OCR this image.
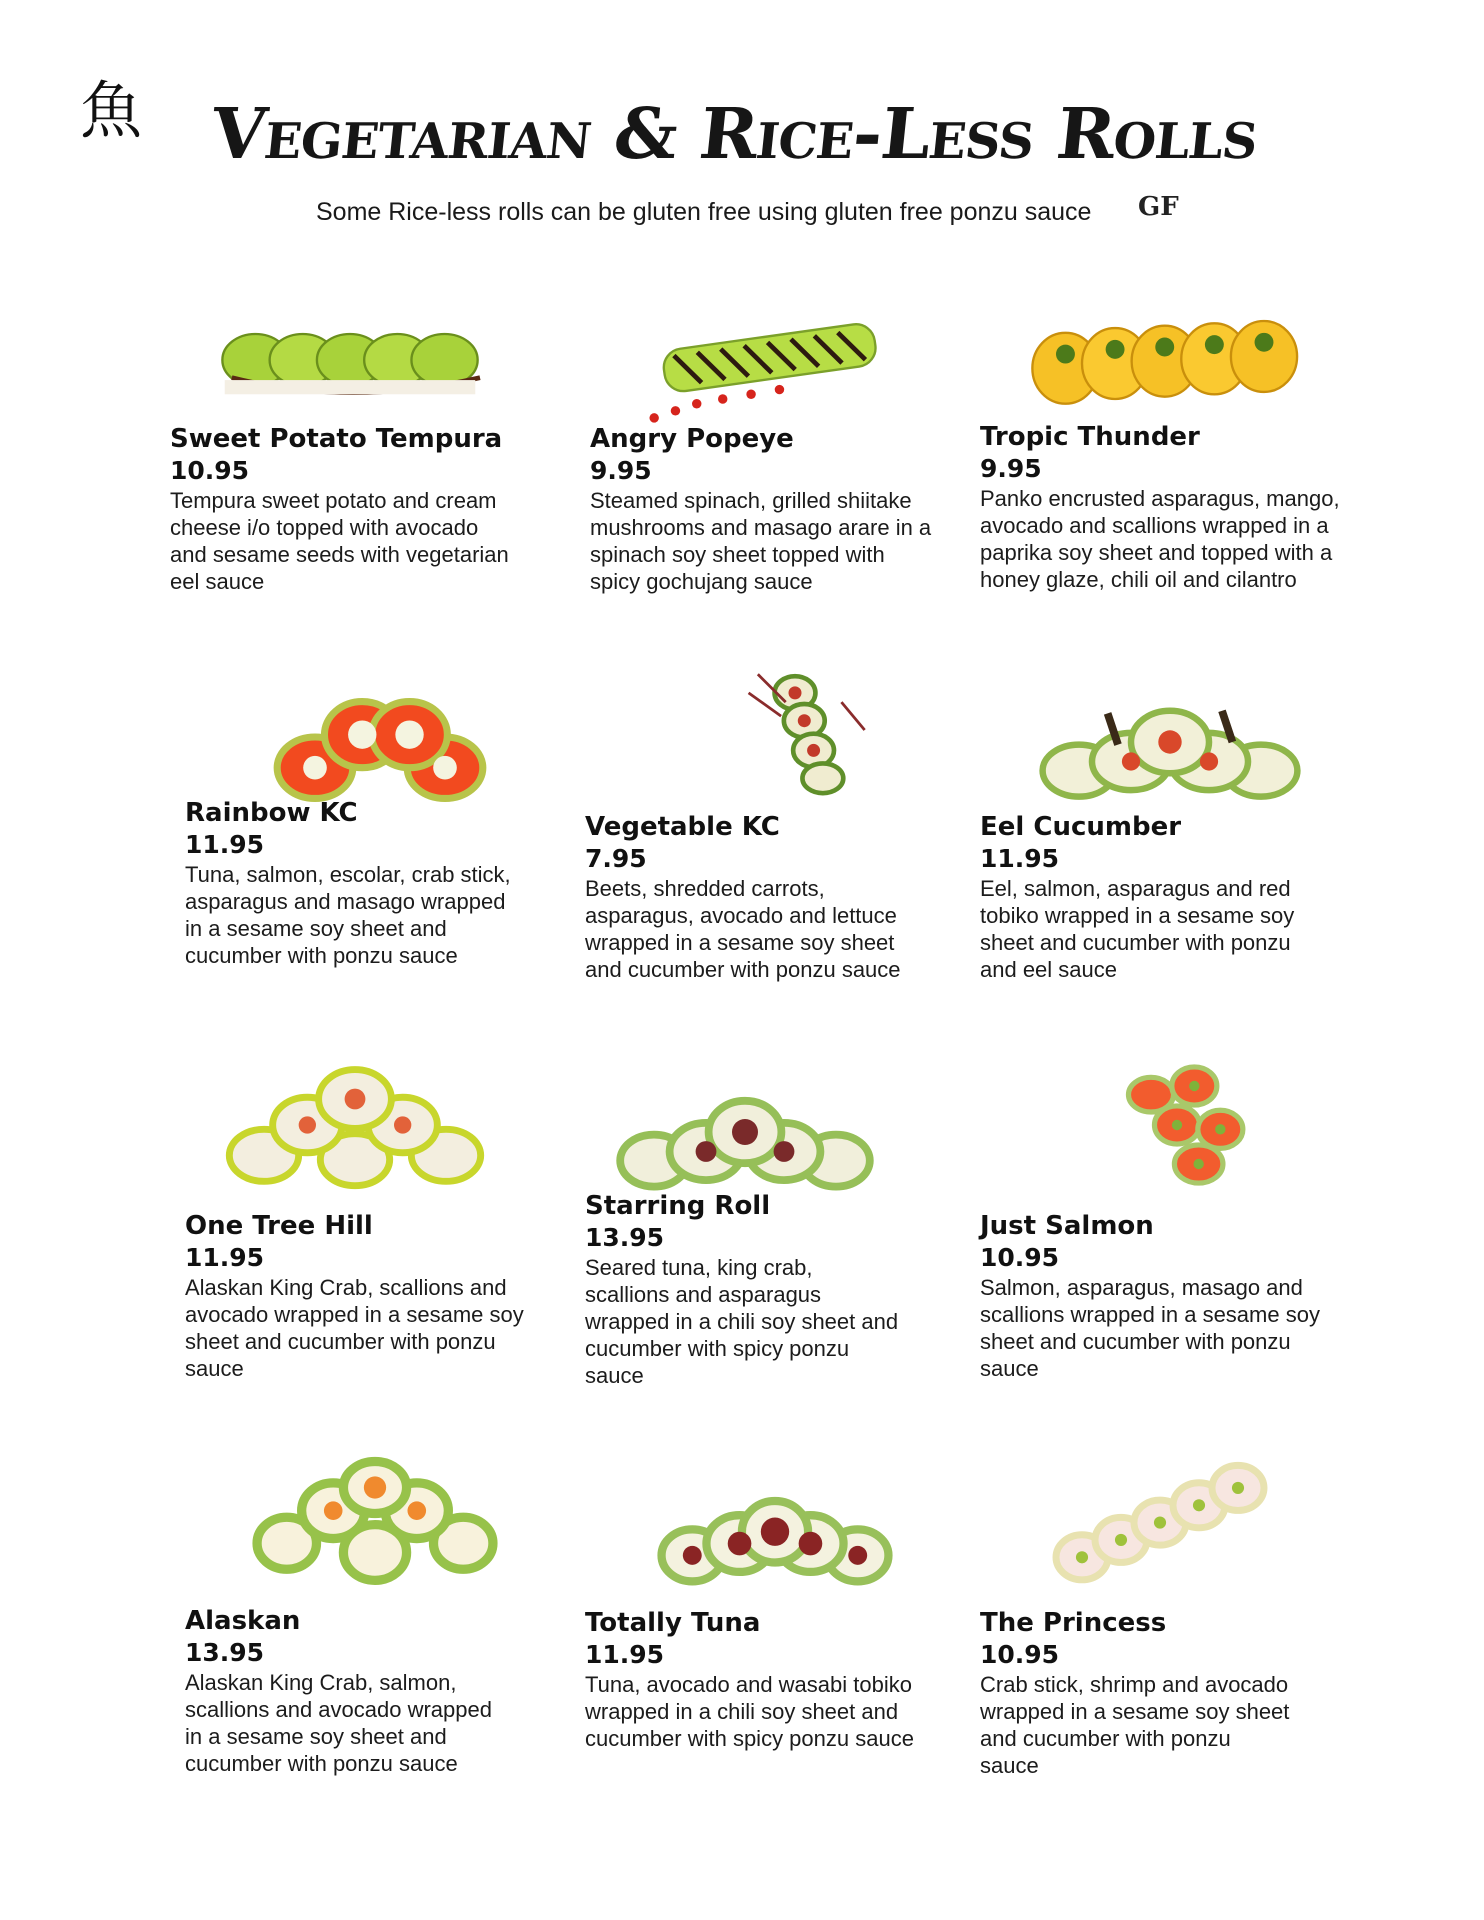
魚 Vegetarian & Rice-Less Rolls
Some Rice-less rolls can be gluten free using gluten free ponzu sauce GF
Sweet Potato Tempura
10.95
Tempura sweet potato and cream cheese i/o topped with avocado and sesame seeds with vegetarian eel sauce
Angry Popeye
9.95
Steamed spinach, grilled shiitake mushrooms and masago arare in a spinach soy sheet topped with spicy gochujang sauce
Tropic Thunder
9.95
Panko encrusted asparagus, mango, avocado and scallions wrapped in a paprika soy sheet and topped with a honey glaze, chili oil and cilantro
Rainbow KC
11.95
Tuna, salmon, escolar, crab stick, asparagus and masago wrapped in a sesame soy sheet and cucumber with ponzu sauce
Vegetable KC
7.95
Beets, shredded carrots, asparagus, avocado and lettuce wrapped in a sesame soy sheet and cucumber with ponzu sauce
Eel Cucumber
11.95
Eel, salmon, asparagus and red tobiko wrapped in a sesame soy sheet and cucumber with ponzu and eel sauce
One Tree Hill
11.95
Alaskan King Crab, scallions and avocado wrapped in a sesame soy sheet and cucumber with ponzu sauce
Starring Roll
13.95
Seared tuna, king crab, scallions and asparagus wrapped in a chili soy sheet and cucumber with spicy ponzu sauce
Just Salmon
10.95
Salmon, asparagus, masago and scallions wrapped in a sesame soy sheet and cucumber with ponzu sauce
Alaskan
13.95
Alaskan King Crab, salmon, scallions and avocado wrapped in a sesame soy sheet and cucumber with ponzu sauce
Totally Tuna
11.95
Tuna, avocado and wasabi tobiko wrapped in a chili soy sheet and cucumber with spicy ponzu sauce
The Princess
10.95
Crab stick, shrimp and avocado wrapped in a sesame soy sheet and cucumber with ponzu sauce
